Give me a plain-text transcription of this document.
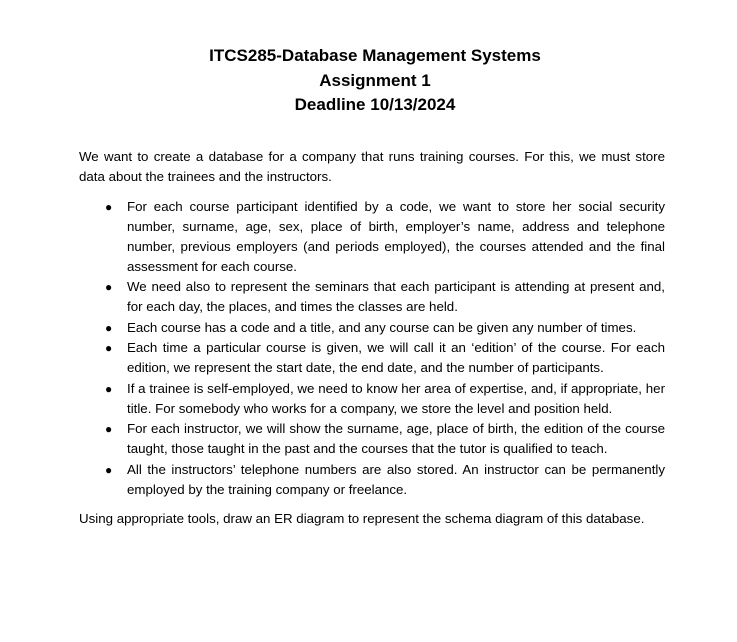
ITCS285-Database Management Systems
Assignment 1
Deadline 10/13/2024

We want to create a database for a company that runs training courses. For this, we must store data about the trainees and the instructors.

● For each course participant identified by a code, we want to store her social security number, surname, age, sex, place of birth, employer’s name, address and telephone number, previous employers (and periods employed), the courses attended and the final assessment for each course.
● We need also to represent the seminars that each participant is attending at present and, for each day, the places, and times the classes are held.
● Each course has a code and a title, and any course can be given any number of times.
● Each time a particular course is given, we will call it an ‘edition’ of the course. For each edition, we represent the start date, the end date, and the number of participants.
● If a trainee is self-employed, we need to know her area of expertise, and, if appropriate, her title. For somebody who works for a company, we store the level and position held.
● For each instructor, we will show the surname, age, place of birth, the edition of the course taught, those taught in the past and the courses that the tutor is qualified to teach.
● All the instructors’ telephone numbers are also stored. An instructor can be permanently employed by the training company or freelance.

Using appropriate tools, draw an ER diagram to represent the schema diagram of this database.
